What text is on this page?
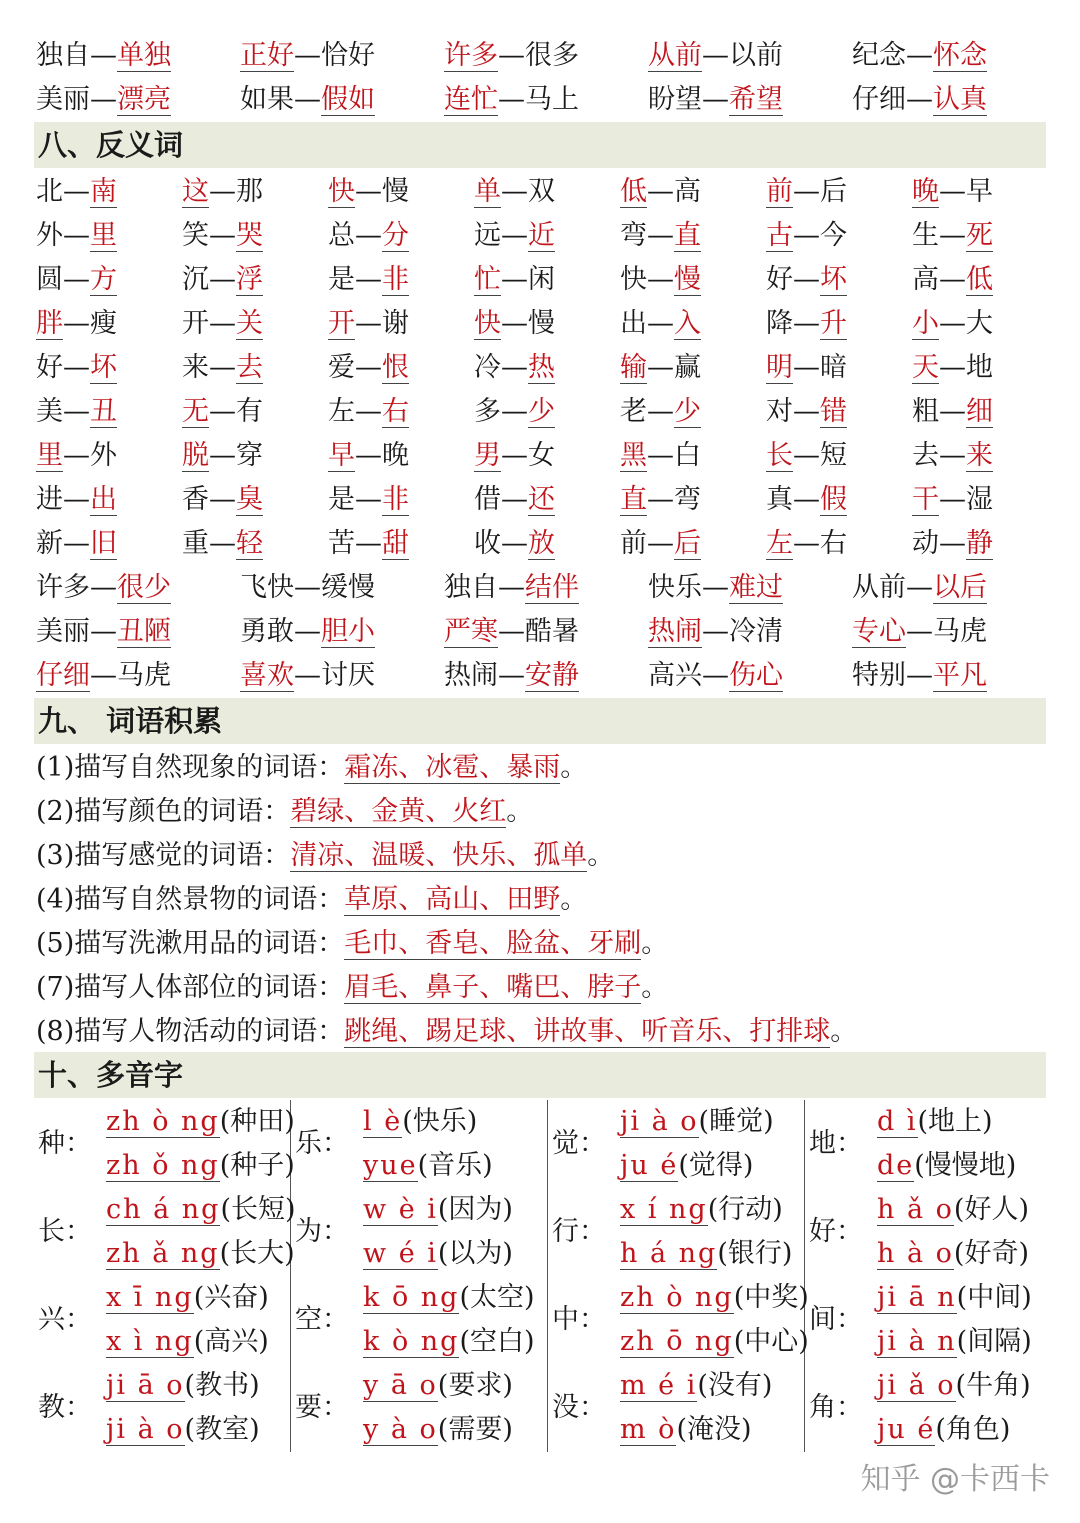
独自—单独	正好—恰好	许多—很多	从前—以前	纪念—怀念
美丽—漂亮	如果—假如	连忙—马上	盼望—希望	仔细—认真
八、反义词
北—南 这—那 快—慢 单—双 低—高 前—后 晚—早
外—里 笑—哭 总—分 远—近 弯—直 古—今 生—死
圆—方 沉—浮 是—非 忙—闲 快—慢 好—坏 高—低
胖—瘦 开—关 开—谢 快—慢 出—入 降—升 小—大
好—坏 来—去 爱—恨 冷—热 输—赢 明—暗 天—地
美—丑 无—有 左—右 多—少 老—少 对—错 粗—细
里—外 脱—穿 早—晚 男—女 黑—白 长—短 去—来
进—出 香—臭 是—非 借—还 直—弯 真—假 干—湿
新—旧 重—轻 苦—甜 收—放 前—后 左—右 动—静
许多—很少	飞快—缓慢	独自—结伴	快乐—难过	从前—以后
美丽—丑陋	勇敢—胆小	严寒—酷暑	热闹—冷清	专心—马虎
仔细—马虎	喜欢—讨厌	热闹—安静	高兴—伤心	特别—平凡
九、 词语积累
(1)描写自然现象的词语：霜冻、冰雹、暴雨。
(2)描写颜色的词语：碧绿、金黄、火红。
(3)描写感觉的词语：清凉、温暖、快乐、孤单。
(4)描写自然景物的词语：草原、高山、田野。
(5)描写洗漱用品的词语：毛巾、香皂、脸盆、牙刷。
(7)描写人体部位的词语：眉毛、鼻子、嘴巴、脖子。
(8)描写人物活动的词语：跳绳、踢足球、讲故事、听音乐、打排球。
十、多音字
种：
zh ò ng(种田)
zh ǒ ng(种子)
长：
ch á ng(长短)
zh ǎ ng(长大)
兴：
x ī ng(兴奋)
x ì ng(高兴)
教：
ji ā o(教书)
ji à o(教室)
乐：
l è(快乐)
yue(音乐)
为：
w è i(因为)
w é i(以为)
空：
k ō ng(太空)
k ò ng(空白)
要：
y ā o(要求)
y à o(需要)
觉：
ji à o(睡觉)
ju é(觉得)
行：
x í ng(行动)
h á ng(银行)
中：
zh ò ng(中奖)
zh ō ng(中心)
没：
m é i(没有)
m ò(淹没)
地：
d ì(地上)
de(慢慢地)
好：
h ǎ o(好人)
h à o(好奇)
间：
ji ā n(中间)
ji à n(间隔)
角：
ji ǎ o(牛角)
ju é(角色)
知乎 @卡西卡
